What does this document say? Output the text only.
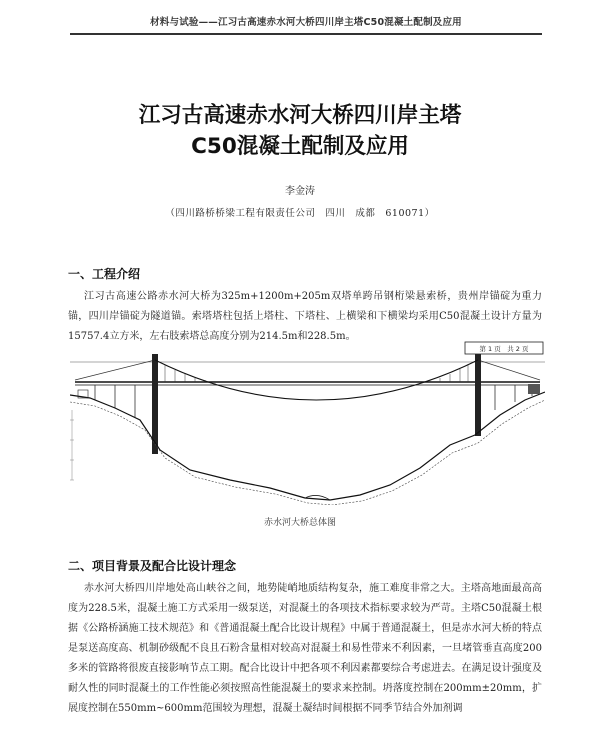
材料与试验——江习古高速赤水河大桥四川岸主塔C50混凝土配制及应用
江习古高速赤水河大桥四川岸主塔
C50混凝土配制及应用
李金涛
（四川路桥桥梁工程有限责任公司　四川　成都　610071）
一、工程介绍

江习古高速公路赤水河大桥为325m+1200m+205m双塔单跨吊钢桁梁悬索桥，贵州岸锚碇为重力锚，四川岸锚碇为隧道锚。索塔塔柱包括上塔柱、下塔柱、上横梁和下横梁均采用C50混凝土设计方量为15757.4立方米，左右肢索塔总高度分别为214.5m和228.5m。

第 1 页　共 2 页
赤水河大桥总体图
二、项目背景及配合比设计理念

赤水河大桥四川岸地处高山峡谷之间，地势陡峭地质结构复杂，施工难度非常之大。主塔高地面最高高度为228.5米，混凝土施工方式采用一级泵送，对混凝土的各项技术指标要求较为严苛。主塔C50混凝土根据《公路桥涵施工技术规范》和《普通混凝土配合比设计规程》中属于普通混凝土，但是赤水河大桥的特点是泵送高度高、机制砂级配不良且石粉含量相对较高对混凝土和易性带来不利因素，一旦堵管垂直高度200多米的管路将很废直接影响节点工期。配合比设计中把各项不利因素都要综合考虑进去。在满足设计强度及耐久性的同时混凝土的工作性能必须按照高性能混凝土的要求来控制。坍落度控制在200mm±20mm，扩展度控制在550mm~600mm范围较为理想，混凝土凝结时间根据不同季节结合外加剂调
